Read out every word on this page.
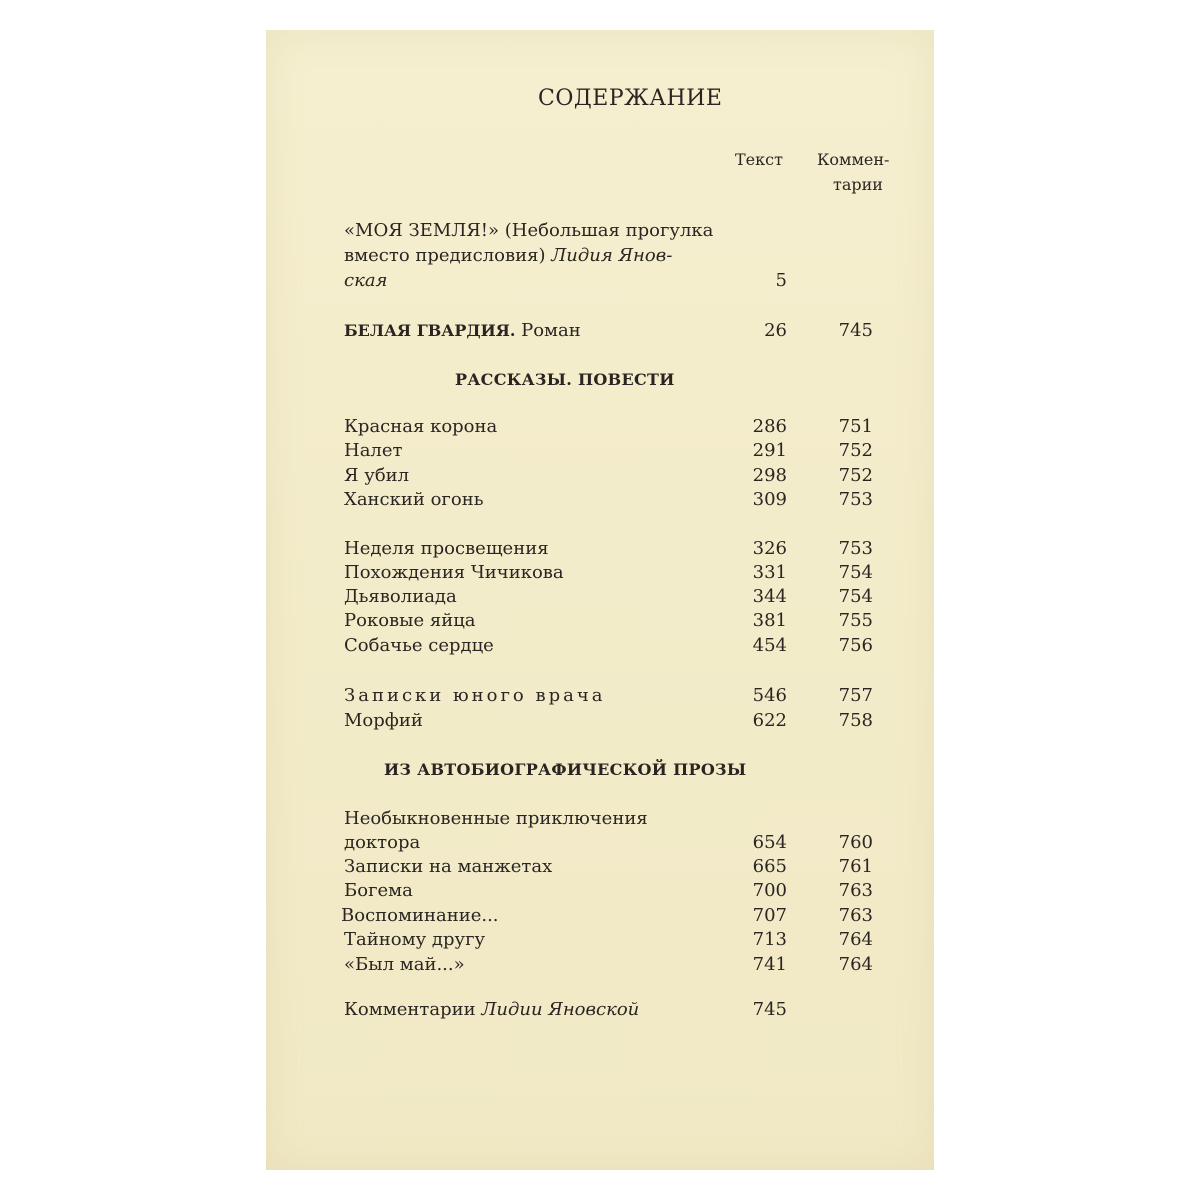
СОДЕРЖАНИЕ
Текст Коммен-
тарии
«МОЯ ЗЕМЛЯ!» (Небольшая прогулка
вместо предисловия) Лидия Янов-
ская	5
БЕЛАЯ ГВАРДИЯ. Роман	26	745
РАССКАЗЫ. ПОВЕСТИ
Красная корона	286	751
Налет	291	752
Я убил	298	752
Ханский огонь	309	753
Неделя просвещения	326	753
Похождения Чичикова	331	754
Дьяволиада	344	754
Роковые яйца	381	755
Собачье сердце	454	756
Записки юного врача	546	757
Морфий	622	758
ИЗ АВТОБИОГРАФИЧЕСКОЙ ПРОЗЫ
Необыкновенные приключения
доктора	654	760
Записки на манжетах	665	761
Богема	700	763
Воспоминание...	707	763
Тайному другу	713	764
«Был май...»	741	764
Комментарии Лидии Яновской	745
